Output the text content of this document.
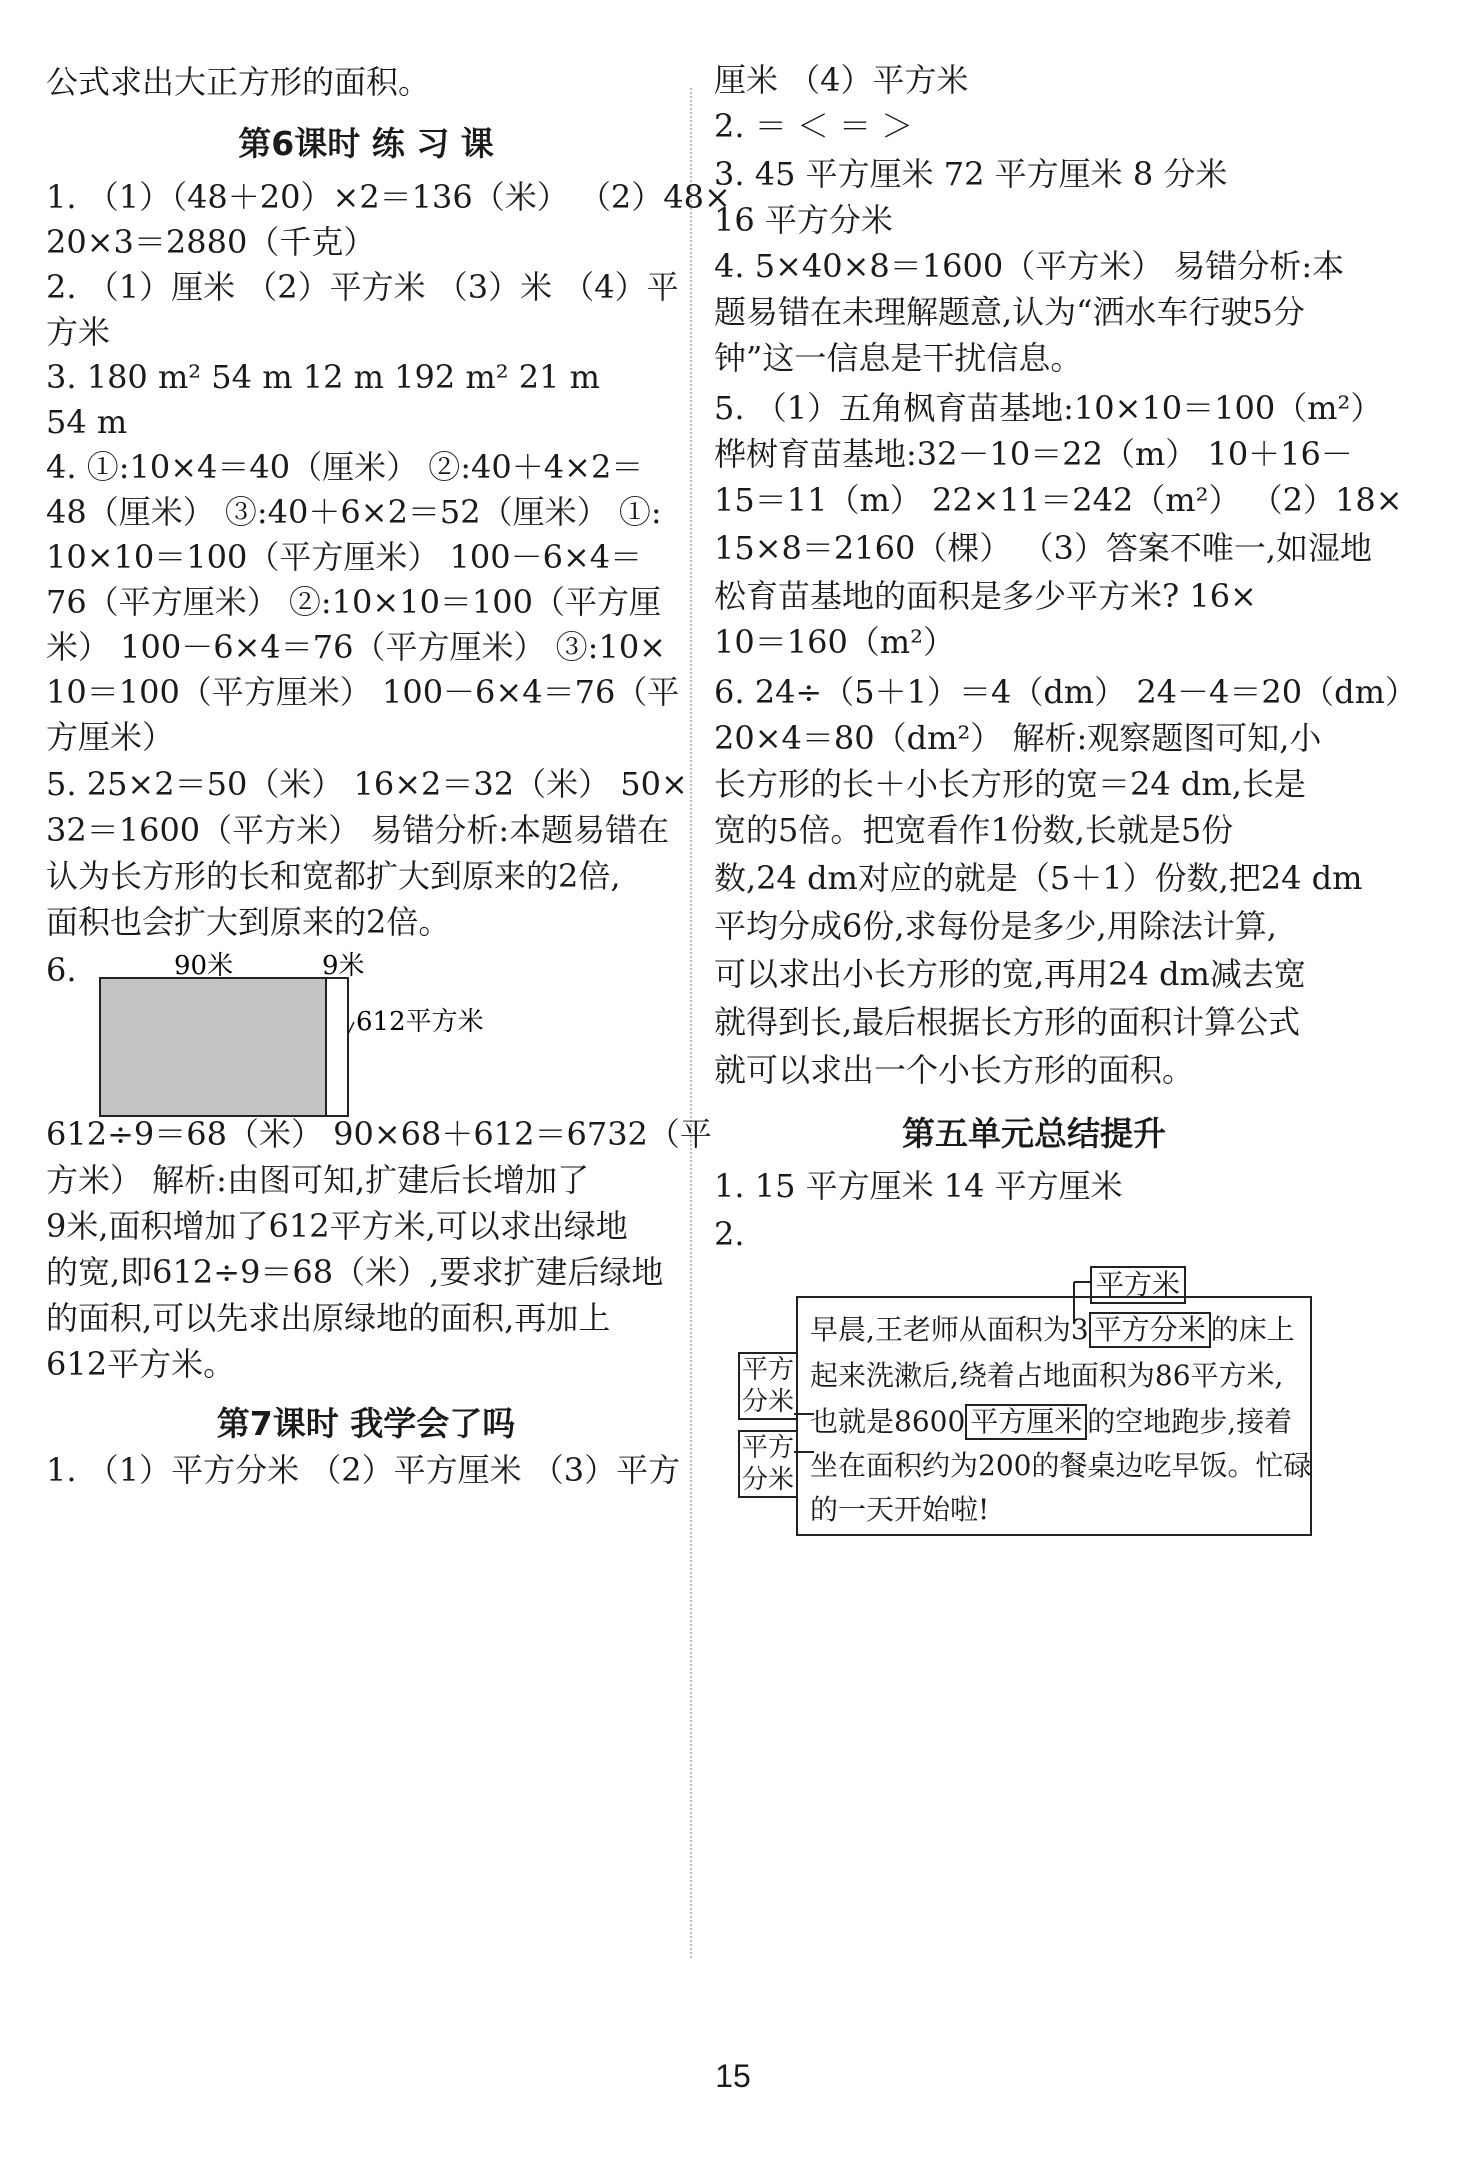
公式求出大正方形的面积。
第6课时 练 习 课
1. （1）（48＋20）×2＝136（米） （2）48×
20×3＝2880（千克）
2. （1）厘米 （2）平方米 （3）米 （4）平
方米
3. 180 m² 54 m 12 m 192 m² 21 m
54 m
4. ①:10×4＝40（厘米） ②:40＋4×2＝
48（厘米） ③:40＋6×2＝52（厘米） ①:
10×10＝100（平方厘米） 100－6×4＝
76（平方厘米） ②:10×10＝100（平方厘
米） 100－6×4＝76（平方厘米） ③:10×
10＝100（平方厘米） 100－6×4＝76（平
方厘米）
5. 25×2＝50（米） 16×2＝32（米） 50×
32＝1600（平方米） 易错分析:本题易错在
认为长方形的长和宽都扩大到原来的2倍,
面积也会扩大到原来的2倍。
6.	90米	9米
612平方米
612÷9＝68（米） 90×68＋612＝6732（平
方米） 解析:由图可知,扩建后长增加了
9米,面积增加了612平方米,可以求出绿地
的宽,即612÷9＝68（米）,要求扩建后绿地
的面积,可以先求出原绿地的面积,再加上
612平方米。
第7课时 我学会了吗
1. （1）平方分米 （2）平方厘米 （3）平方
厘米 （4）平方米
2. ＝ ＜ ＝ ＞
3. 45 平方厘米 72 平方厘米 8 分米
16 平方分米
4. 5×40×8＝1600（平方米） 易错分析:本
题易错在未理解题意,认为“洒水车行驶5分
钟”这一信息是干扰信息。
5. （1）五角枫育苗基地:10×10＝100（m²）
桦树育苗基地:32－10＝22（m） 10＋16－
15＝11（m） 22×11＝242（m²） （2）18×
15×8＝2160（棵） （3）答案不唯一,如湿地
松育苗基地的面积是多少平方米? 16×
10＝160（m²）
6. 24÷（5＋1）＝4（dm） 24－4＝20（dm）
20×4＝80（dm²） 解析:观察题图可知,小
长方形的长＋小长方形的宽＝24 dm,长是
宽的5倍。把宽看作1份数,长就是5份
数,24 dm对应的就是（5＋1）份数,把24 dm
平均分成6份,求每份是多少,用除法计算,
可以求出小长方形的宽,再用24 dm减去宽
就得到长,最后根据长方形的面积计算公式
就可以求出一个小长方形的面积。
第五单元总结提升
1. 15 平方厘米 14 平方厘米
2.
平方米
平方分米
平方分米
早晨,王老师从面积为3 平方分米 的床上
起来洗漱后,绕着占地面积为86平方米,
也就是8600 平方厘米 的空地跑步,接着
坐在面积约为200的餐桌边吃早饭。忙碌
的一天开始啦!
15
